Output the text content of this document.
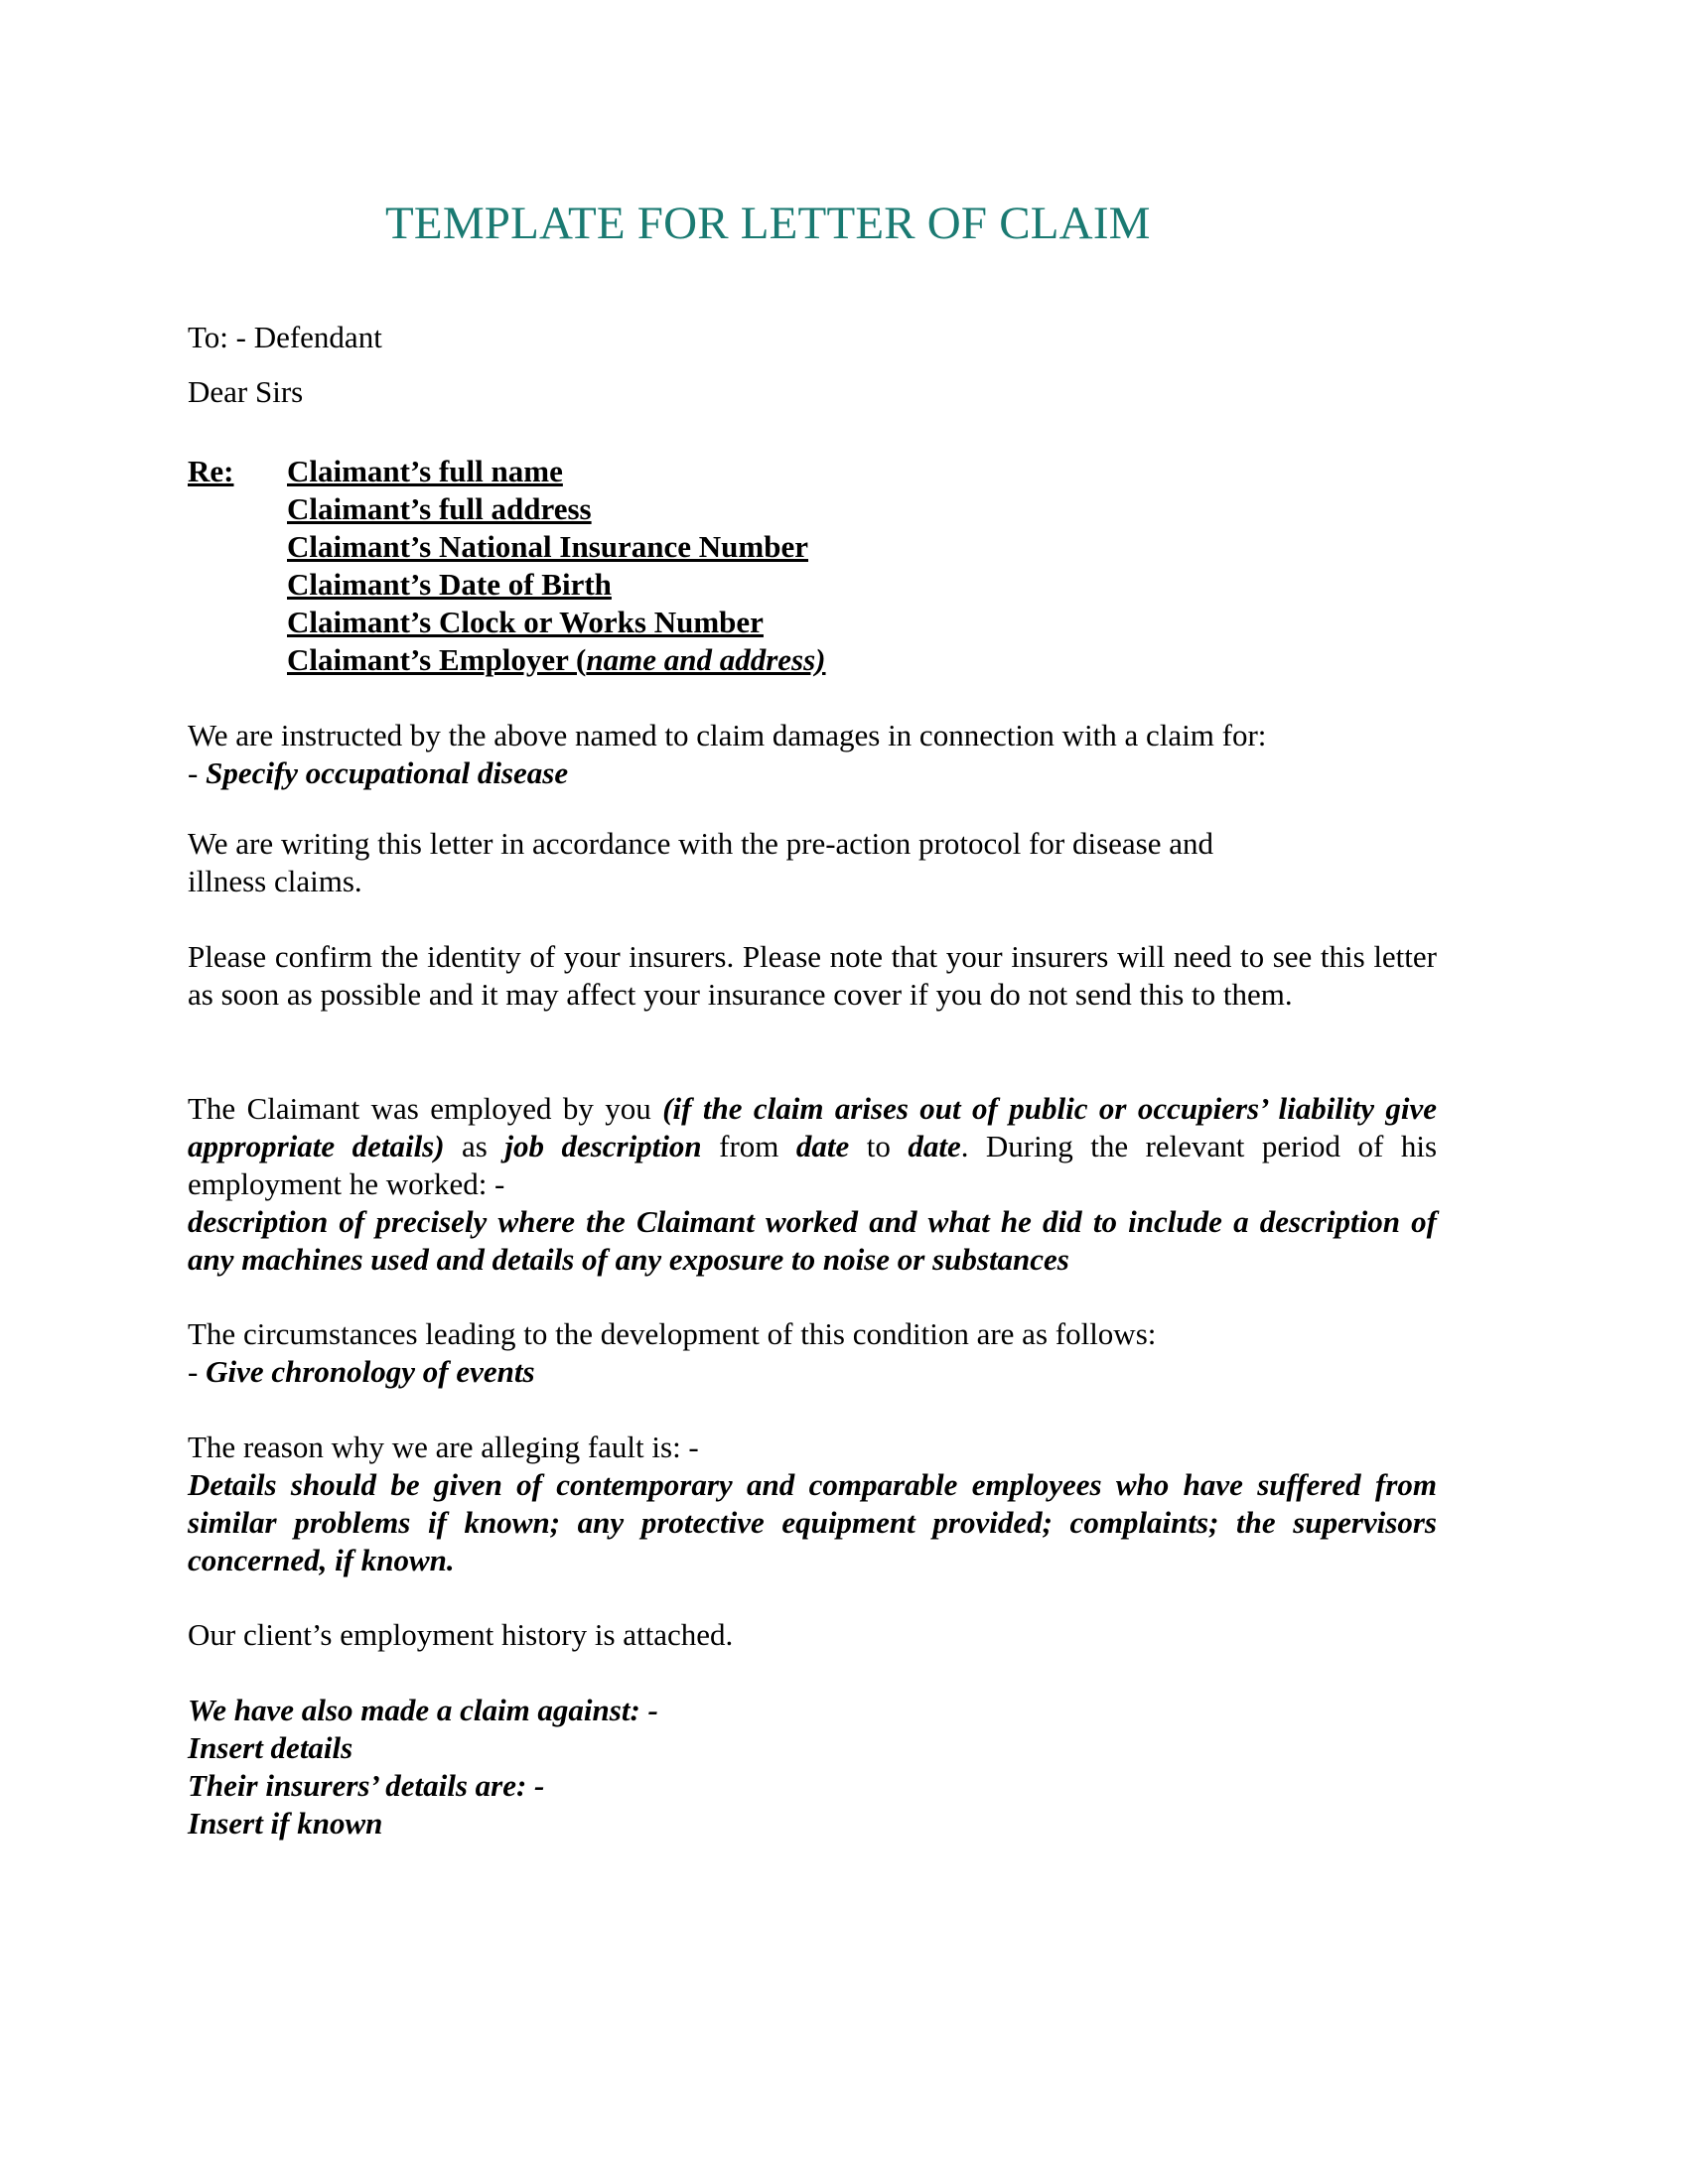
TEMPLATE FOR LETTER OF CLAIM
To: - Defendant
Dear Sirs
Re: Claimant’s full name
Claimant’s full address
Claimant’s National Insurance Number
Claimant’s Date of Birth
Claimant’s Clock or Works Number
Claimant’s Employer (name and address)

We are instructed by the above named to claim damages in connection with a claim for:

- Specify occupational disease

We are writing this letter in accordance with the pre-action protocol for disease and

illness claims.

Please confirm the identity of your insurers. Please note that your insurers will need to see this letter as soon as possible and it may affect your insurance cover if you do not send this to them.

The Claimant was employed by you (if the claim arises out of public or occupiers’ liability give appropriate details) as job description from date to date. During the relevant period of his employment he worked: -

description of precisely where the Claimant worked and what he did to include a description of any machines used and details of any exposure to noise or substances

The circumstances leading to the development of this condition are as follows:

- Give chronology of events

The reason why we are alleging fault is: -

Details should be given of contemporary and comparable employees who have suffered from similar problems if known; any protective equipment provided; complaints; the supervisors concerned, if known.

Our client’s employment history is attached.

We have also made a claim against: -

Insert details

Their insurers’ details are: -

Insert if known
